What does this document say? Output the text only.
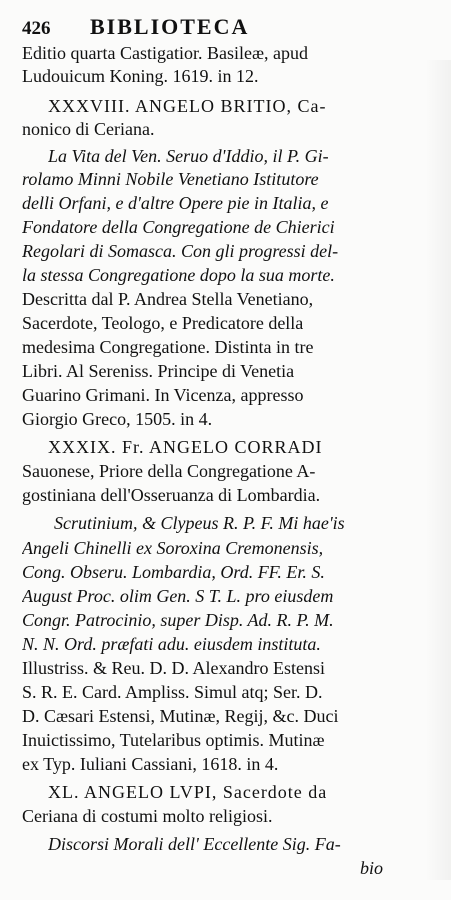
426 BIBLIOTECA
Editio quarta Castigatior. Basileæ, apud
Ludouicum Koning. 1619. in 12.
XXXVIII. ANGELO BRITIO, Ca-
nonico di Ceriana.
La Vita del Ven. Seruo d'Iddio, il P. Gi-
rolamo Minni Nobile Venetiano Istitutore
delli Orfani, e d'altre Opere pie in Italia, e
Fondatore della Congregatione de Chierici
Regolari di Somasca. Con gli progressi del-
la stessa Congregatione dopo la sua morte.
Descritta dal P. Andrea Stella Venetiano,
Sacerdote, Teologo, e Predicatore della
medesima Congregatione. Distinta in tre
Libri. Al Sereniss. Principe di Venetia
Guarino Grimani. In Vicenza, appresso
Giorgio Greco, 1505. in 4.
XXXIX. Fr. ANGELO CORRADI
Sauonese, Priore della Congregatione A-
gostiniana dell'Osseruanza di Lombardia.
Scrutinium, & Clypeus R. P. F. Mi hae'is
Angeli Chinelli ex Soroxina Cremonensis,
Cong. Obseru. Lombardia, Ord. FF. Er. S.
August Proc. olim Gen. S T. L. pro eiusdem
Congr. Patrocinio, super Disp. Ad. R. P. M.
N. N. Ord. præfati adu. eiusdem instituta.
Illustriss. & Reu. D. D. Alexandro Estensi
S. R. E. Card. Ampliss. Simul atq; Ser. D.
D. Cæsari Estensi, Mutinæ, Regij, &c. Duci
Inuictissimo, Tutelaribus optimis. Mutinæ
ex Typ. Iuliani Cassiani, 1618. in 4.
XL. ANGELO LVPI, Sacerdote da
Ceriana di costumi molto religiosi.
Discorsi Morali dell' Eccellente Sig. Fa-
bio
